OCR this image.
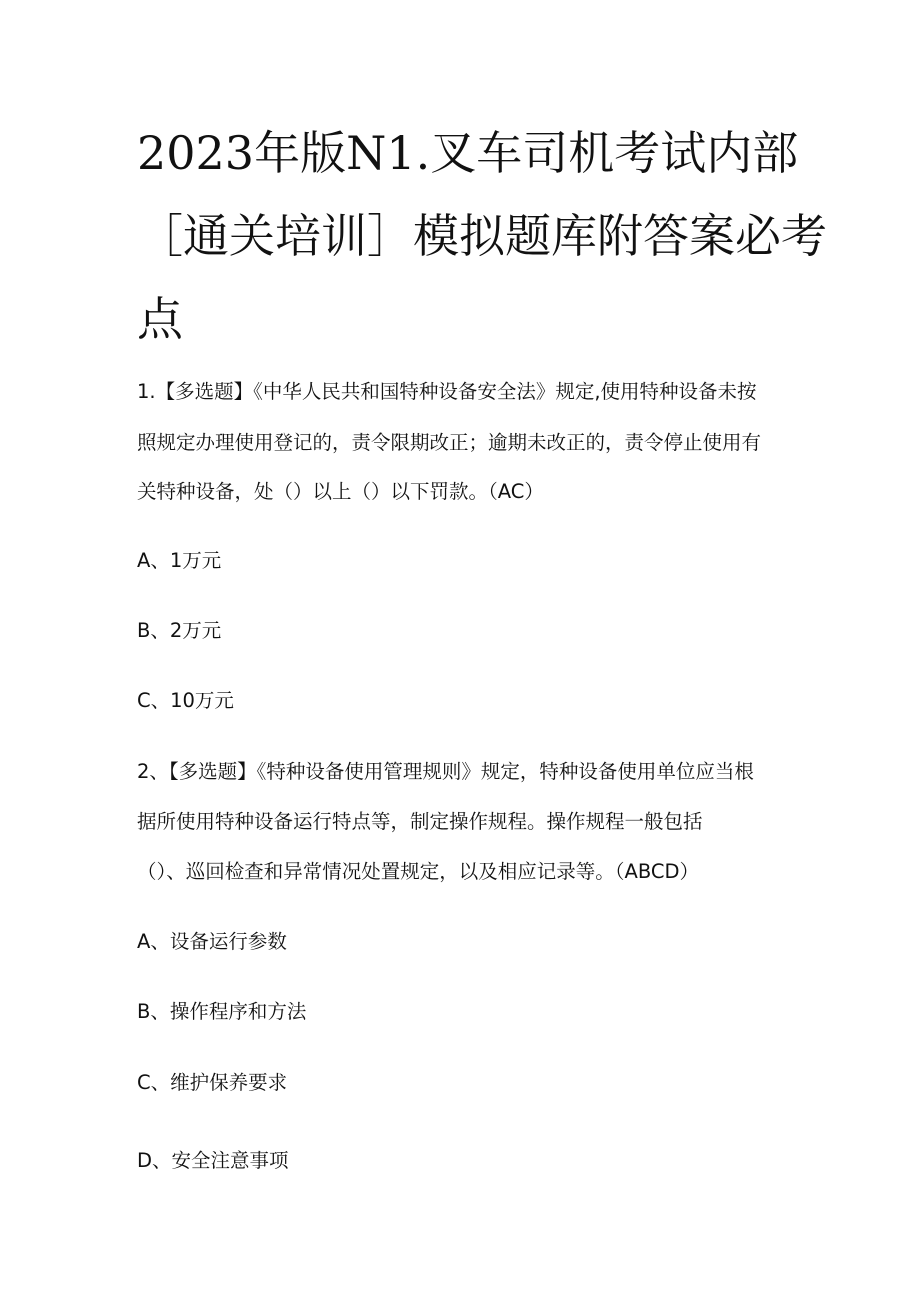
2023年版N1.叉车司机考试内部
［通关培训］模拟题库附答案必考
点
1.【多选题】《中华人民共和国特种设备安全法》规定,使用特种设备未按
照规定办理使用登记的，责令限期改正；逾期未改正的，责令停止使用有
关特种设备，处（）以上（）以下罚款。（AC）
A、1万元
B、2万元
C、10万元
2、【多选题】《特种设备使用管理规则》规定，特种设备使用单位应当根
据所使用特种设备运行特点等，制定操作规程。操作规程一般包括
（）、巡回检查和异常情况处置规定，以及相应记录等。（ABCD）
A、设备运行参数
B、操作程序和方法
C、维护保养要求
D、安全注意事项
